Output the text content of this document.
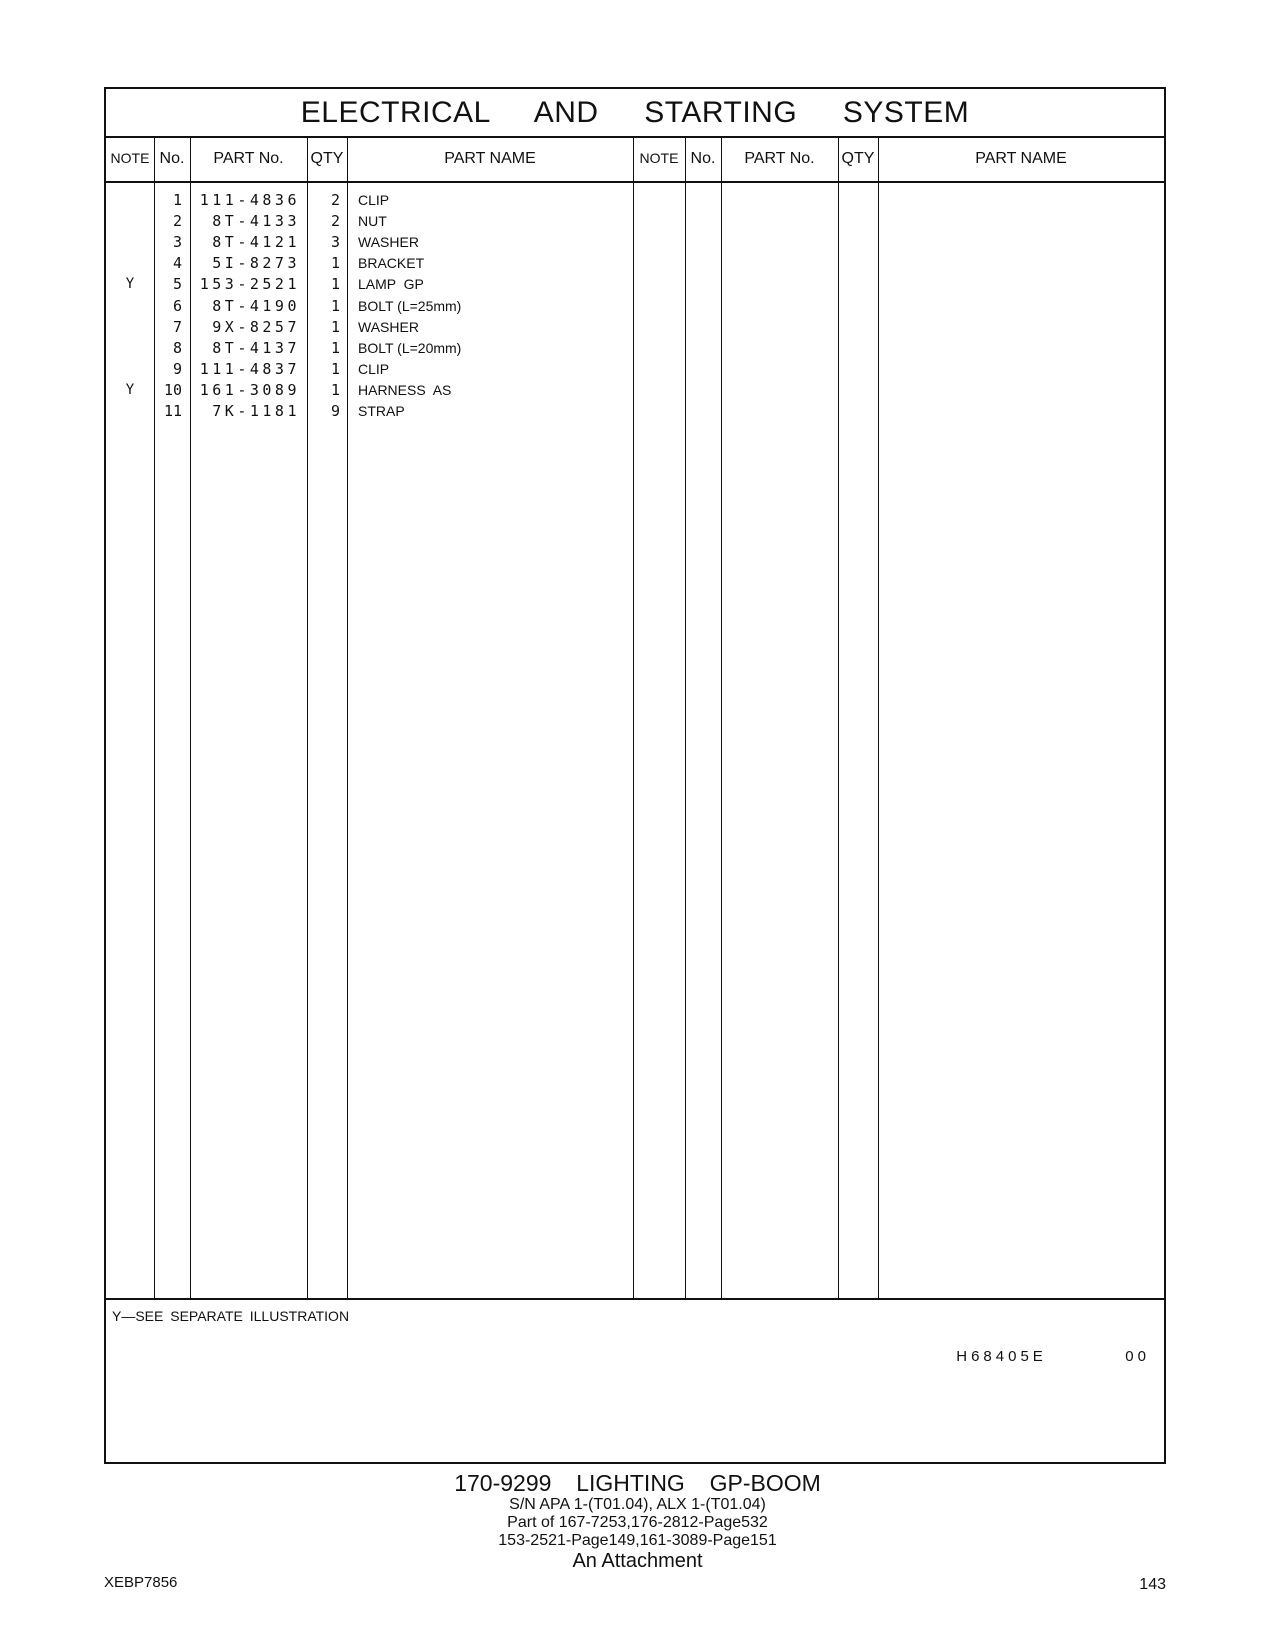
ELECTRICAL  AND  STARTING  SYSTEM
NOTE No.	PART No.	QTY	PART NAME	NOTE No.	PART No.	QTY	PART NAME
1	111-4836	2 CLIP
2	8T-4133	2 NUT
3	8T-4121	3 WASHER
4	5I-8273	1 BRACKET
Y	5	153-2521	1 LAMP  GP
6	8T-4190	1 BOLT (L=25mm)
7	9X-8257	1 WASHER
8	8T-4137	1 BOLT (L=20mm)
9	111-4837	1 CLIP
Y	10	161-3089	1 HARNESS  AS
11	7K-1181	9 STRAP
Y—SEE SEPARATE ILLUSTRATION
H68405E   00
170-9299  LIGHTING  GP-BOOM
S/N APA 1-(T01.04), ALX 1-(T01.04)
Part of 167-7253,176-2812-Page532
153-2521-Page149,161-3089-Page151
An Attachment
XEBP7856	143
